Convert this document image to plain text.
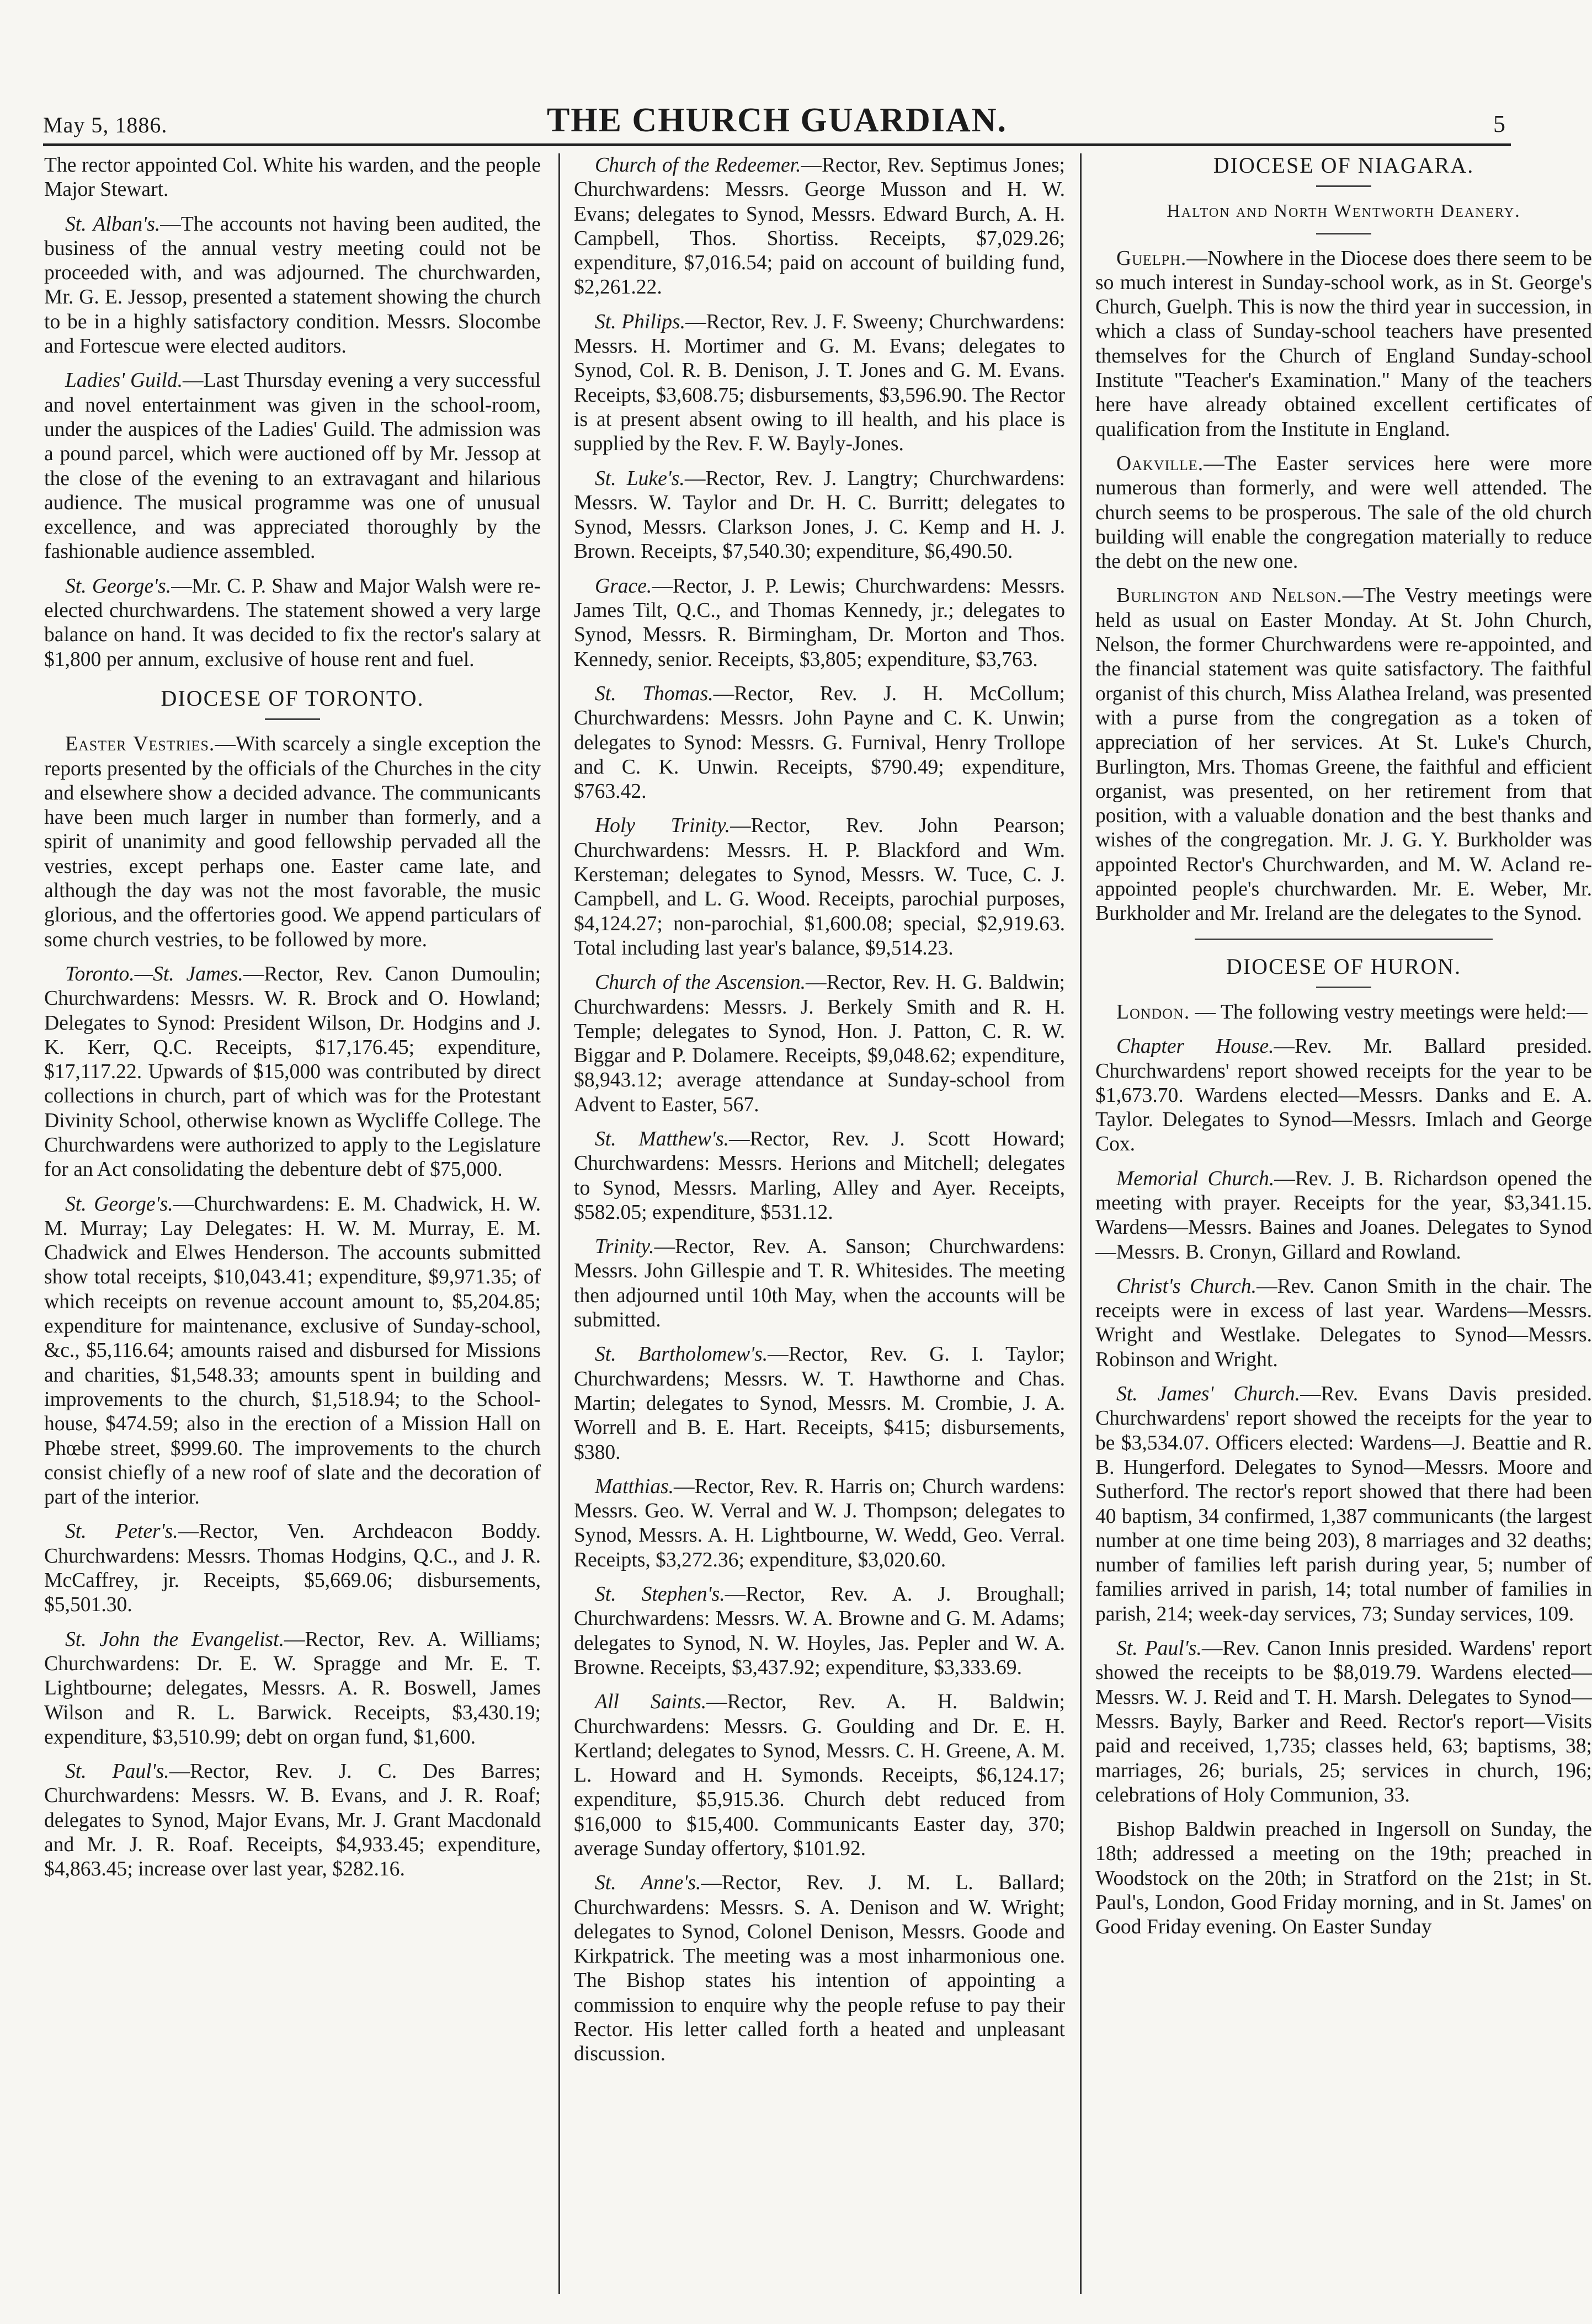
May 5, 1886.	THE CHURCH GUARDIAN.	5

The rector appointed Col. White his warden, and the people Major Stewart.

St. Alban's.—The accounts not having been audited, the business of the annual vestry meeting could not be proceeded with, and was adjourned. The churchwarden, Mr. G. E. Jessop, presented a statement showing the church to be in a highly satisfactory condition. Messrs. Slocombe and Fortescue were elected auditors.

Ladies' Guild.—Last Thursday evening a very successful and novel entertainment was given in the school-room, under the auspices of the Ladies' Guild. The admission was a pound parcel, which were auctioned off by Mr. Jessop at the close of the evening to an extravagant and hilarious audience. The musical programme was one of unusual excellence, and was appreciated thoroughly by the fashionable audience assembled.

St. George's.—Mr. C. P. Shaw and Major Walsh were re-elected churchwardens. The statement showed a very large balance on hand. It was decided to fix the rector's salary at $1,800 per annum, exclusive of house rent and fuel.

DIOCESE OF TORONTO.

Easter Vestries.—With scarcely a single exception the reports presented by the officials of the Churches in the city and elsewhere show a decided advance. The communicants have been much larger in number than formerly, and a spirit of unanimity and good fellowship pervaded all the vestries, except perhaps one. Easter came late, and although the day was not the most favorable, the music glorious, and the offertories good. We append particulars of some church vestries, to be followed by more.

Toronto.—St. James.—Rector, Rev. Canon Dumoulin; Churchwardens: Messrs. W. R. Brock and O. Howland; Delegates to Synod: President Wilson, Dr. Hodgins and J. K. Kerr, Q.C. Receipts, $17,176.45; expenditure, $17,117.22. Upwards of $15,000 was contributed by direct collections in church, part of which was for the Protestant Divinity School, otherwise known as Wycliffe College. The Churchwardens were authorized to apply to the Legislature for an Act consolidating the debenture debt of $75,000.

St. George's.—Churchwardens: E. M. Chadwick, H. W. M. Murray; Lay Delegates: H. W. M. Murray, E. M. Chadwick and Elwes Henderson. The accounts submitted show total receipts, $10,043.41; expenditure, $9,971.35; of which receipts on revenue account amount to, $5,204.85; expenditure for maintenance, exclusive of Sunday-school, &c., $5,116.64; amounts raised and disbursed for Missions and charities, $1,548.33; amounts spent in building and improvements to the church, $1,518.94; to the School-house, $474.59; also in the erection of a Mission Hall on Phœbe street, $999.60. The improvements to the church consist chiefly of a new roof of slate and the decoration of part of the interior.

St. Peter's.—Rector, Ven. Archdeacon Boddy. Churchwardens: Messrs. Thomas Hodgins, Q.C., and J. R. McCaffrey, jr. Receipts, $5,669.06; disbursements, $5,501.30.

St. John the Evangelist.—Rector, Rev. A. Williams; Churchwardens: Dr. E. W. Spragge and Mr. E. T. Lightbourne; delegates, Messrs. A. R. Boswell, James Wilson and R. L. Barwick. Receipts, $3,430.19; expenditure, $3,510.99; debt on organ fund, $1,600.

St. Paul's.—Rector, Rev. J. C. Des Barres; Churchwardens: Messrs. W. B. Evans, and J. R. Roaf; delegates to Synod, Major Evans, Mr. J. Grant Macdonald and Mr. J. R. Roaf. Receipts, $4,933.45; expenditure, $4,863.45; increase over last year, $282.16.

Church of the Redeemer.—Rector, Rev. Septimus Jones; Churchwardens: Messrs. George Musson and H. W. Evans; delegates to Synod, Messrs. Edward Burch, A. H. Campbell, Thos. Shortiss. Receipts, $7,029.26; expenditure, $7,016.54; paid on account of building fund, $2,261.22.

St. Philips.—Rector, Rev. J. F. Sweeny; Churchwardens: Messrs. H. Mortimer and G. M. Evans; delegates to Synod, Col. R. B. Denison, J. T. Jones and G. M. Evans. Receipts, $3,608.75; disbursements, $3,596.90. The Rector is at present absent owing to ill health, and his place is supplied by the Rev. F. W. Bayly-Jones.

St. Luke's.—Rector, Rev. J. Langtry; Churchwardens: Messrs. W. Taylor and Dr. H. C. Burritt; delegates to Synod, Messrs. Clarkson Jones, J. C. Kemp and H. J. Brown. Receipts, $7,540.30; expenditure, $6,490.50.

Grace.—Rector, J. P. Lewis; Churchwardens: Messrs. James Tilt, Q.C., and Thomas Kennedy, jr.; delegates to Synod, Messrs. R. Birmingham, Dr. Morton and Thos. Kennedy, senior. Receipts, $3,805; expenditure, $3,763.

St. Thomas.—Rector, Rev. J. H. McCollum; Churchwardens: Messrs. John Payne and C. K. Unwin; delegates to Synod: Messrs. G. Furnival, Henry Trollope and C. K. Unwin. Receipts, $790.49; expenditure, $763.42.

Holy Trinity.—Rector, Rev. John Pearson; Churchwardens: Messrs. H. P. Blackford and Wm. Kersteman; delegates to Synod, Messrs. W. Tuce, C. J. Campbell, and L. G. Wood. Receipts, parochial purposes, $4,124.27; non-parochial, $1,600.08; special, $2,919.63. Total including last year's balance, $9,514.23.

Church of the Ascension.—Rector, Rev. H. G. Baldwin; Churchwardens: Messrs. J. Berkely Smith and R. H. Temple; delegates to Synod, Hon. J. Patton, C. R. W. Biggar and P. Dolamere. Receipts, $9,048.62; expenditure, $8,943.12; average attendance at Sunday-school from Advent to Easter, 567.

St. Matthew's.—Rector, Rev. J. Scott Howard; Churchwardens: Messrs. Herions and Mitchell; delegates to Synod, Messrs. Marling, Alley and Ayer. Receipts, $582.05; expenditure, $531.12.

Trinity.—Rector, Rev. A. Sanson; Churchwardens: Messrs. John Gillespie and T. R. Whitesides. The meeting then adjourned until 10th May, when the accounts will be submitted.

St. Bartholomew's.—Rector, Rev. G. I. Taylor; Churchwardens; Messrs. W. T. Hawthorne and Chas. Martin; delegates to Synod, Messrs. M. Crombie, J. A. Worrell and B. E. Hart. Receipts, $415; disbursements, $380.

Matthias.—Rector, Rev. R. Harris on; Church wardens: Messrs. Geo. W. Verral and W. J. Thompson; delegates to Synod, Messrs. A. H. Lightbourne, W. Wedd, Geo. Verral. Receipts, $3,272.36; expenditure, $3,020.60.

St. Stephen's.—Rector, Rev. A. J. Broughall; Churchwardens: Messrs. W. A. Browne and G. M. Adams; delegates to Synod, N. W. Hoyles, Jas. Pepler and W. A. Browne. Receipts, $3,437.92; expenditure, $3,333.69.

All Saints.—Rector, Rev. A. H. Baldwin; Churchwardens: Messrs. G. Goulding and Dr. E. H. Kertland; delegates to Synod, Messrs. C. H. Greene, A. M. L. Howard and H. Symonds. Receipts, $6,124.17; expenditure, $5,915.36. Church debt reduced from $16,000 to $15,400. Communicants Easter day, 370; average Sunday offertory, $101.92.

St. Anne's.—Rector, Rev. J. M. L. Ballard; Churchwardens: Messrs. S. A. Denison and W. Wright; delegates to Synod, Colonel Denison, Messrs. Goode and Kirkpatrick. The meeting was a most inharmonious one. The Bishop states his intention of appointing a commission to enquire why the people refuse to pay their Rector. His letter called forth a heated and unpleasant discussion.

DIOCESE OF NIAGARA.
Halton and North Wentworth Deanery.

Guelph.—Nowhere in the Diocese does there seem to be so much interest in Sunday-school work, as in St. George's Church, Guelph. This is now the third year in succession, in which a class of Sunday-school teachers have presented themselves for the Church of England Sunday-school Institute "Teacher's Examination." Many of the teachers here have already obtained excellent certificates of qualification from the Institute in England.

Oakville.—The Easter services here were more numerous than formerly, and were well attended. The church seems to be prosperous. The sale of the old church building will enable the congregation materially to reduce the debt on the new one.

Burlington and Nelson.—The Vestry meetings were held as usual on Easter Monday. At St. John Church, Nelson, the former Churchwardens were re-appointed, and the financial statement was quite satisfactory. The faithful organist of this church, Miss Alathea Ireland, was presented with a purse from the congregation as a token of appreciation of her services. At St. Luke's Church, Burlington, Mrs. Thomas Greene, the faithful and efficient organist, was presented, on her retirement from that position, with a valuable donation and the best thanks and wishes of the congregation. Mr. J. G. Y. Burkholder was appointed Rector's Churchwarden, and M. W. Acland re-appointed people's churchwarden. Mr. E. Weber, Mr. Burkholder and Mr. Ireland are the delegates to the Synod.

DIOCESE OF HURON.

London. — The following vestry meetings were held:—

Chapter House.—Rev. Mr. Ballard presided. Churchwardens' report showed receipts for the year to be $1,673.70. Wardens elected—Messrs. Danks and E. A. Taylor. Delegates to Synod—Messrs. Imlach and George Cox.

Memorial Church.—Rev. J. B. Richardson opened the meeting with prayer. Receipts for the year, $3,341.15. Wardens—Messrs. Baines and Joanes. Delegates to Synod—Messrs. B. Cronyn, Gillard and Rowland.

Christ's Church.—Rev. Canon Smith in the chair. The receipts were in excess of last year. Wardens—Messrs. Wright and Westlake. Delegates to Synod—Messrs. Robinson and Wright.

St. James' Church.—Rev. Evans Davis presided. Churchwardens' report showed the receipts for the year to be $3,534.07. Officers elected: Wardens—J. Beattie and R. B. Hungerford. Delegates to Synod—Messrs. Moore and Sutherford. The rector's report showed that there had been 40 baptism, 34 confirmed, 1,387 communicants (the largest number at one time being 203), 8 marriages and 32 deaths; number of families left parish during year, 5; number of families arrived in parish, 14; total number of families in parish, 214; week-day services, 73; Sunday services, 109.

St. Paul's.—Rev. Canon Innis presided. Wardens' report showed the receipts to be $8,019.79. Wardens elected—Messrs. W. J. Reid and T. H. Marsh. Delegates to Synod—Messrs. Bayly, Barker and Reed. Rector's report—Visits paid and received, 1,735; classes held, 63; baptisms, 38; marriages, 26; burials, 25; services in church, 196; celebrations of Holy Communion, 33.

Bishop Baldwin preached in Ingersoll on Sunday, the 18th; addressed a meeting on the 19th; preached in Woodstock on the 20th; in Stratford on the 21st; in St. Paul's, London, Good Friday morning, and in St. James' on Good Friday evening. On Easter Sunday
